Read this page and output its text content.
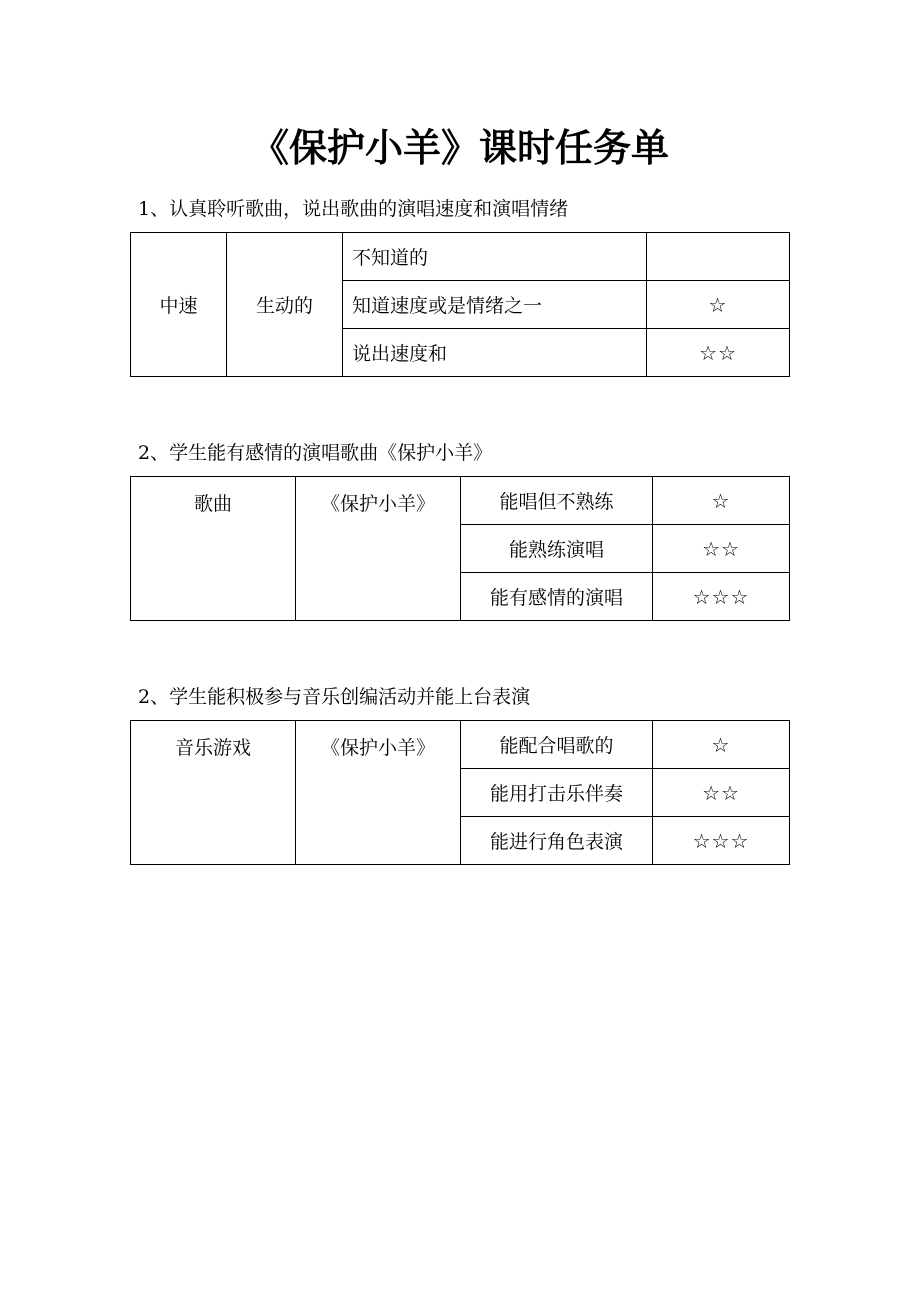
《保护小羊》课时任务单
1、认真聆听歌曲，说出歌曲的演唱速度和演唱情绪
中速	生动的	不知道的	
		知道速度或是情绪之一	☆
		说出速度和	☆☆
2、学生能有感情的演唱歌曲《保护小羊》
歌曲	《保护小羊》	能唱但不熟练	☆
		能熟练演唱	☆☆
		能有感情的演唱	☆☆☆
2、学生能积极参与音乐创编活动并能上台表演
音乐游戏	《保护小羊》	能配合唱歌的	☆
		能用打击乐伴奏	☆☆
		能进行角色表演	☆☆☆
